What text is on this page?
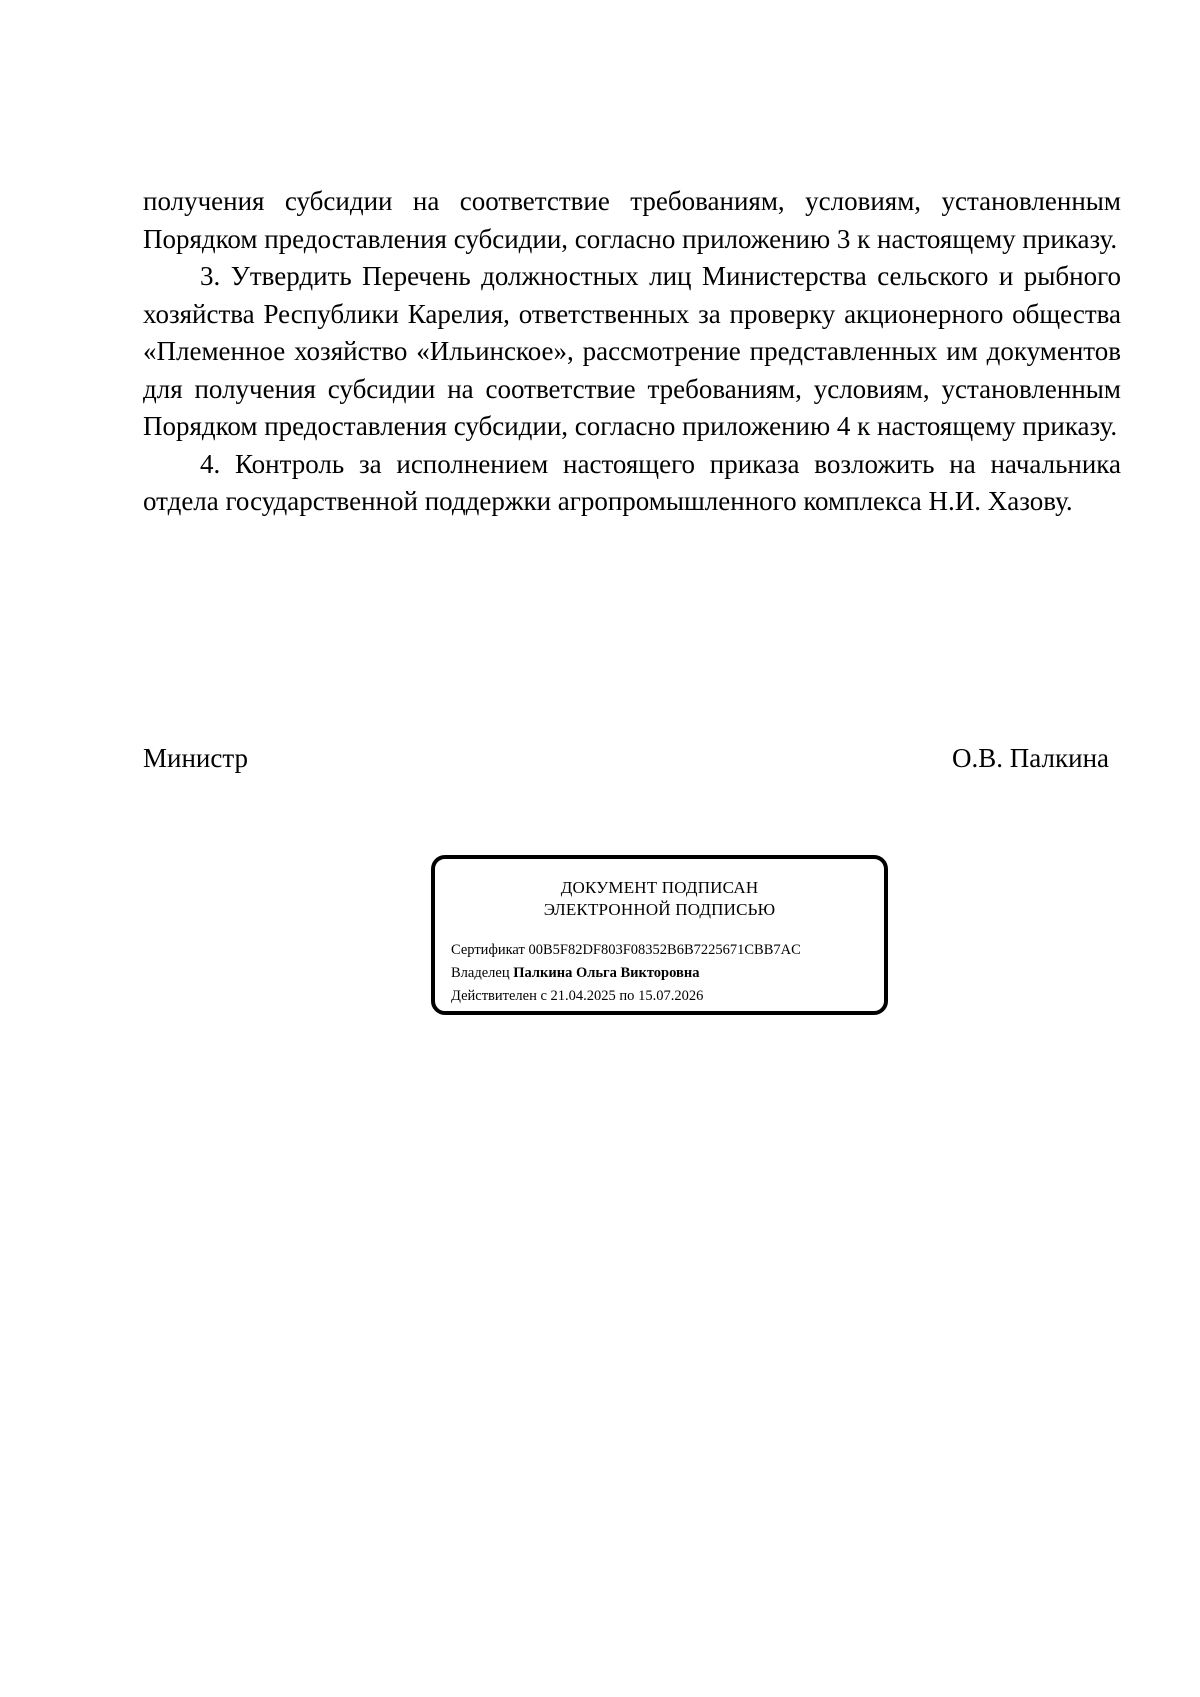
получения субсидии на соответствие требованиям, условиям, установленным Порядком предоставления субсидии, согласно приложению 3 к настоящему приказу.

3. Утвердить Перечень должностных лиц Министерства сельского и рыбного хозяйства Республики Карелия, ответственных за проверку акционерного общества «Племенное хозяйство «Ильинское», рассмотрение представленных им документов для получения субсидии на соответствие требованиям, условиям, установленным Порядком предоставления субсидии, согласно приложению 4 к настоящему приказу.

4. Контроль за исполнением настоящего приказа возложить на начальника отдела государственной поддержки агропромышленного комплекса Н.И. Хазову.

Министр	О.В. Палкина
ДОКУМЕНТ ПОДПИСАН
ЭЛЕКТРОННОЙ ПОДПИСЬЮ
Сертификат 00B5F82DF803F08352B6B7225671CBB7AC
Владелец Палкина Ольга Викторовна
Действителен с 21.04.2025 по 15.07.2026
